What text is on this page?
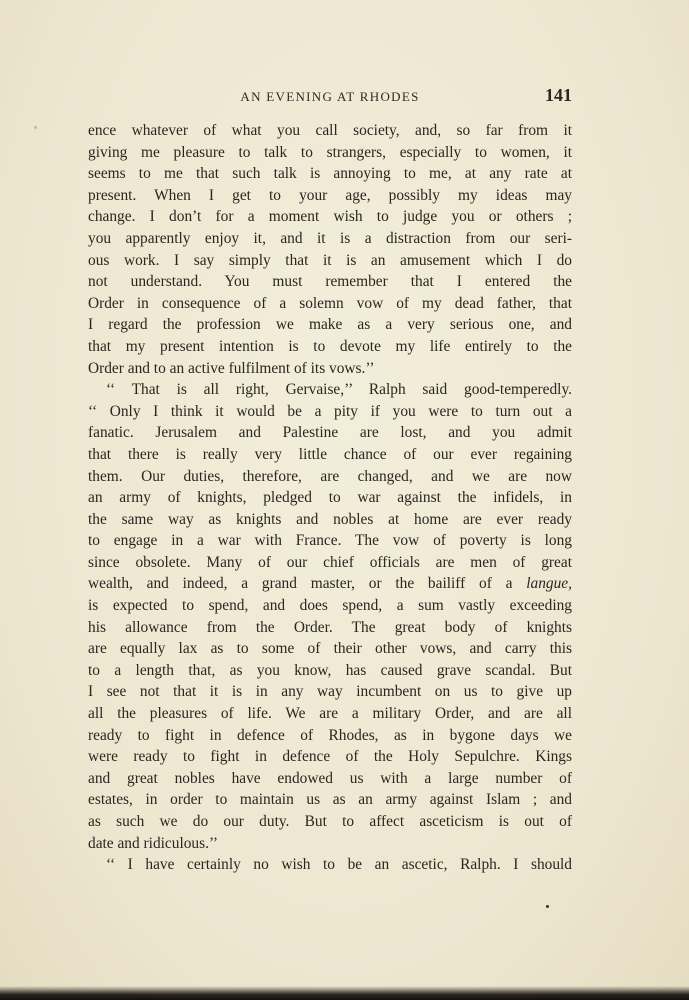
AN EVENING AT RHODES	141
ence whatever of what you call society, and, so far from it
giving me pleasure to talk to strangers, especially to women, it
seems to me that such talk is annoying to me, at any rate at
present. When I get to your age, possibly my ideas may
change. I don’t for a moment wish to judge you or others ;
you apparently enjoy it, and it is a distraction from our seri-
ous work. I say simply that it is an amusement which I do
not understand. You must remember that I entered the
Order in consequence of a solemn vow of my dead father, that
I regard the profession we make as a very serious one, and
that my present intention is to devote my life entirely to the
Order and to an active fulfilment of its vows.’’
‘‘ That is all right, Gervaise,’’ Ralph said good-temperedly.
‘‘ Only I think it would be a pity if you were to turn out a
fanatic. Jerusalem and Palestine are lost, and you admit
that there is really very little chance of our ever regaining
them. Our duties, therefore, are changed, and we are now
an army of knights, pledged to war against the infidels, in
the same way as knights and nobles at home are ever ready
to engage in a war with France. The vow of poverty is long
since obsolete. Many of our chief officials are men of great
wealth, and indeed, a grand master, or the bailiff of a langue,
is expected to spend, and does spend, a sum vastly exceeding
his allowance from the Order. The great body of knights
are equally lax as to some of their other vows, and carry this
to a length that, as you know, has caused grave scandal. But
I see not that it is in any way incumbent on us to give up
all the pleasures of life. We are a military Order, and are all
ready to fight in defence of Rhodes, as in bygone days we
were ready to fight in defence of the Holy Sepulchre. Kings
and great nobles have endowed us with a large number of
estates, in order to maintain us as an army against Islam ; and
as such we do our duty. But to affect asceticism is out of
date and ridiculous.’’
‘‘ I have certainly no wish to be an ascetic, Ralph. I should
